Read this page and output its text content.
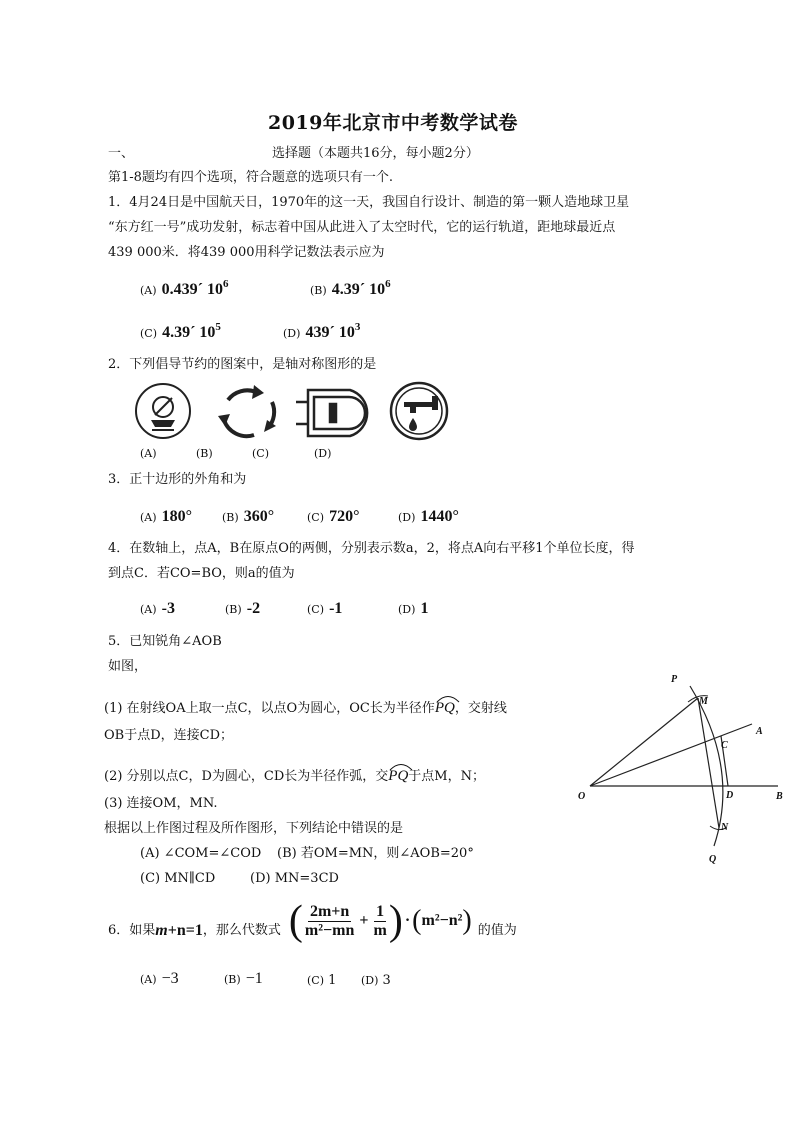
2019年北京市中考数学试卷
一、	选择题（本题共16分，每小题2分）
第1-8题均有四个选项，符合题意的选项只有一个.
1．4月24日是中国航天日，1970年的这一天，我国自行设计、制造的第一颗人造地球卫星
“东方红一号”成功发射，标志着中国从此进入了太空时代，它的运行轨道，距地球最近点
439 000米．将439 000用科学记数法表示应为
(A) 0.439´ $10^6$	(B) 4.39´ $10^6$
(C) 4.39´ $10^5$	(D) 439´ $10^3$
2．下列倡导节约的图案中，是轴对称图形的是
(A)	(B)	(C)	(D)
3．正十边形的外角和为
(A) 180°	(B) 360°	(C) 720°	(D) 1440°
4．在数轴上，点A，B在原点O的两侧，分别表示数a，2，将点A向右平移1个单位长度，得
到点C．若CO=BO，则a的值为
(A) -3	(B) -2	(C) -1	(D) 1
5．已知锐角∠AOB
如图，
(1) 在射线OA上取一点C，以点O为圆心，OC长为半径作
PQ，交射线
OB于点D，连接CD；
(2) 分别以点C，D为圆心，CD长为半径作弧，交
PQ于点M，N；
(3) 连接OM，MN.
根据以上作图过程及所作图形，下列结论中错误的是
(A) ∠COM=∠COD (B) 若OM=MN，则∠AOB=20°
(C) MN∥CD	(D) MN=3CD
P
M
A
C
O	D	B
N
Q
6．如果 m+n=1 ，那么代数式 ( $\frac{2m+n}{\text{m²−mn}} + \frac{1}{m}$ ) · ( m²−n² ) 的值为
(A) −3	(B) −1	(C) 1 (D) 3
